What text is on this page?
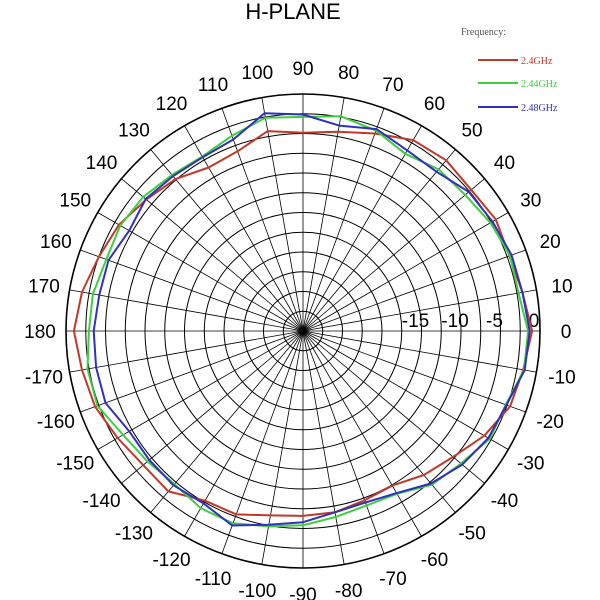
H-PLANE
0
10
20
30
40
50
60
70
80
90
100
110
120
130
140
150
160
170
180
-170
-160
-150
-140
-130
-120
-110
-100 -90 -80
-70
-60
-50
-40
-30
-20
-10
-15 -10 -5 0
Frequency:
2.4GHz
2.44GHz
2.48GHz
